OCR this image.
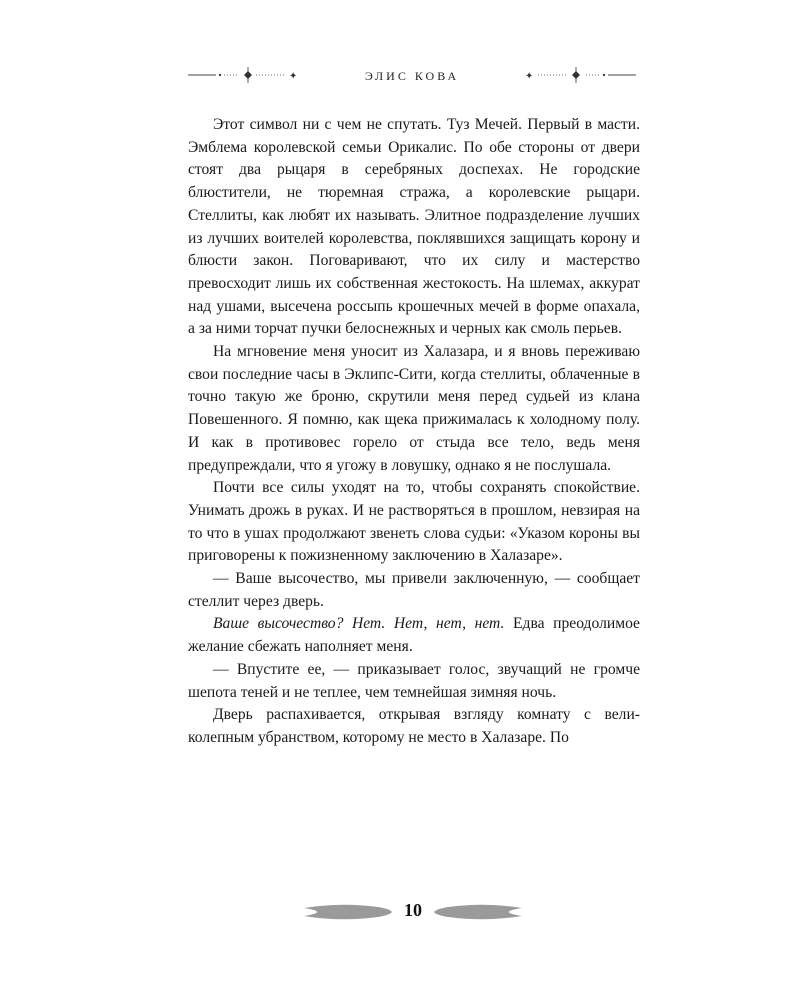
✦	ЭЛИС КОВА	✦

Этот символ ни с чем не спутать. Туз Мечей. Первый в масти. Эмблема королевской семьи Орикалис. По обе стороны от двери стоят два рыцаря в серебряных доспехах. Не городские блюстители, не тюремная стража, а королевские рыцари. Стеллиты, как любят их называть. Элитное подразделение лучших из лучших воителей королевства, поклявшихся защищать корону и блюсти закон. Поговаривают, что их силу и мастерство превосходит лишь их собственная жестокость. На шлемах, аккурат над ушами, высечена россыпь крошечных мечей в форме опахала, а за ними торчат пучки белоснежных и черных как смоль перьев.

На мгновение меня уносит из Халазара, и я вновь переживаю свои последние часы в Эклипс-Сити, когда стеллиты, облаченные в точно такую же броню, скрутили меня перед судьей из клана Повешенного. Я помню, как щека прижималась к холодному полу. И как в противовес горело от стыда все тело, ведь меня предупреждали, что я угожу в ловушку, однако я не послушала.

Почти все силы уходят на то, чтобы сохранять спокойствие. Унимать дрожь в руках. И не растворяться в прошлом, невзирая на то что в ушах продолжают звенеть слова судьи: «Указом короны вы приговорены к пожизненному заключению в Халазаре».

— Ваше высочество, мы привели заключенную, — сообщает стеллит через дверь.

Ваше высочество? Нет. Нет, нет, нет. Едва преодолимое желание сбежать наполняет меня.

— Впустите ее, — приказывает голос, звучащий не громче шепота теней и не теплее, чем темнейшая зимняя ночь.

Дверь распахивается, открывая взгляду комнату с великолепным убранством, которому не место в Халазаре. По

10
